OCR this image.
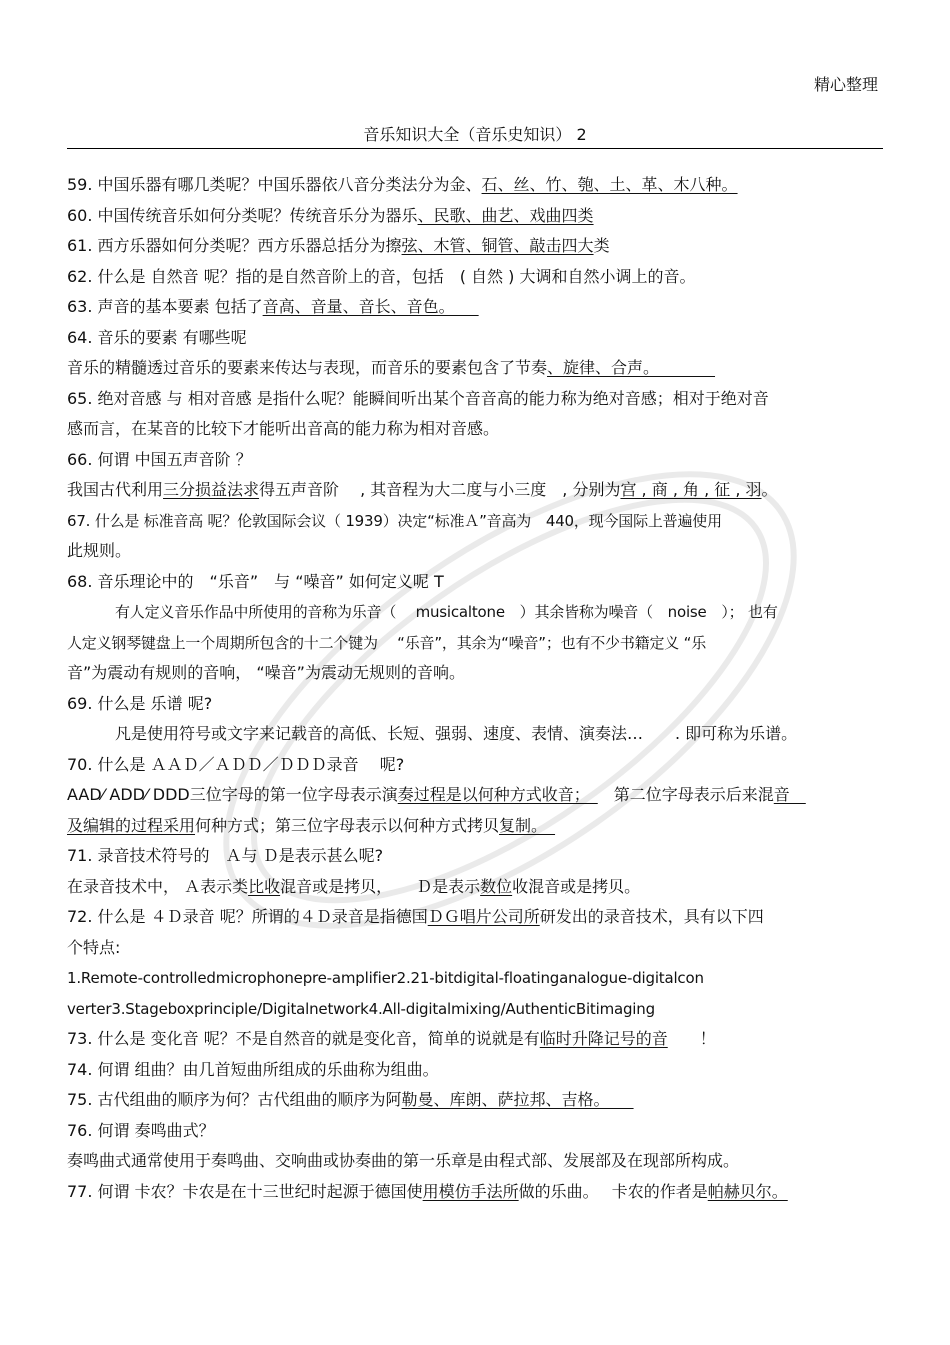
精心整理
音乐知识大全（音乐史知识） 2
59. 中国乐器有哪几类呢？中国乐器依八音分类法分为金、石、丝、竹、匏、土、革、木八种。
60. 中国传统音乐如何分类呢？传统音乐分为器乐、民歌、曲艺、戏曲四类
61. 西方乐器如何分类呢？西方乐器总括分为擦弦、木管、铜管、敲击四大类
62. 什么是 自然音 呢？指的是自然音阶上的音，包括　( 自然 ) 大调和自然小调上的音。
63. 声音的基本要素 包括了音高、音量、音长、音色。　　
64. 音乐的要素 有哪些呢
音乐的精髓透过音乐的要素来传达与表现，而音乐的要素包含了节奏、旋律、合声。　　　　
65. 绝对音感 与 相对音感 是指什么呢？能瞬间听出某个音音高的能力称为绝对音感；相对于绝对音
感而言，在某音的比较下才能听出音高的能力称为相对音感。
66. 何谓 中国五声音阶 ？
我国古代利用三分损益法求得五声音阶　 , 其音程为大二度与小三度　, 分别为宫 , 商 , 角 , 征 , 羽。
67. 什么是 标准音高 呢？伦敦国际会议（ 1939）决定“标准Ａ”音高为　440，现今国际上普遍使用
此规则。
68. 音乐理论中的　“乐音”　与 “噪音” 如何定义呢 T
有人定义音乐作品中所使用的音称为乐音（　 musicaltone　）其余皆称为噪音（　noise　）； 也有
人定义钢琴键盘上一个周期所包含的十二个键为　 “乐音”，其余为“噪音”；也有不少书籍定义 “乐
音”为震动有规则的音响， “噪音”为震动无规则的音响。
69. 什么是 乐谱 呢?
凡是使用符号或文字来记载音的高低、长短、强弱、速度、表情、演奏法…　　. 即可称为乐谱。
70. 什么是 ＡＡＤ／ＡＤＤ／ＤＤＤ录音　 呢?
AAD⁄ ADD⁄ DDD三位字母的第一位字母表示演奏过程是以何种方式收音；　　第二位字母表示后来混音　
及编辑的过程采用何种方式；第三位字母表示以何种方式拷贝复制。　
71. 录音技术符号的　Ａ与 Ｄ是表示甚么呢?
在录音技术中， Ａ表示类比收混音或是拷贝，　　Ｄ是表示数位收混音或是拷贝。
72. 什么是 ４Ｄ录音 呢？所谓的４Ｄ录音是指德国ＤＧ唱片公司所研发出的录音技术，具有以下四
个特点:
1.Remote-controlledmicrophonepre-amplifier2.21-bitdigital-floatinganalogue-digitalcon
verter3.Stageboxprinciple/Digitalnetwork4.All-digitalmixing/AuthenticBitimaging
73. 什么是 变化音 呢？不是自然音的就是变化音，简单的说就是有临时升降记号的音　　！
74. 何谓 组曲？由几首短曲所组成的乐曲称为组曲。
75. 古代组曲的顺序为何？古代组曲的顺序为阿勒曼、库朗、萨拉邦、吉格。　　
76. 何谓 奏鸣曲式？
奏鸣曲式通常使用于奏鸣曲、交响曲或协奏曲的第一乐章是由程式部、发展部及在现部所构成。
77. 何谓 卡农？卡农是在十三世纪时起源于德国使用模仿手法所做的乐曲。　 卡农的作者是帕赫贝尔。
